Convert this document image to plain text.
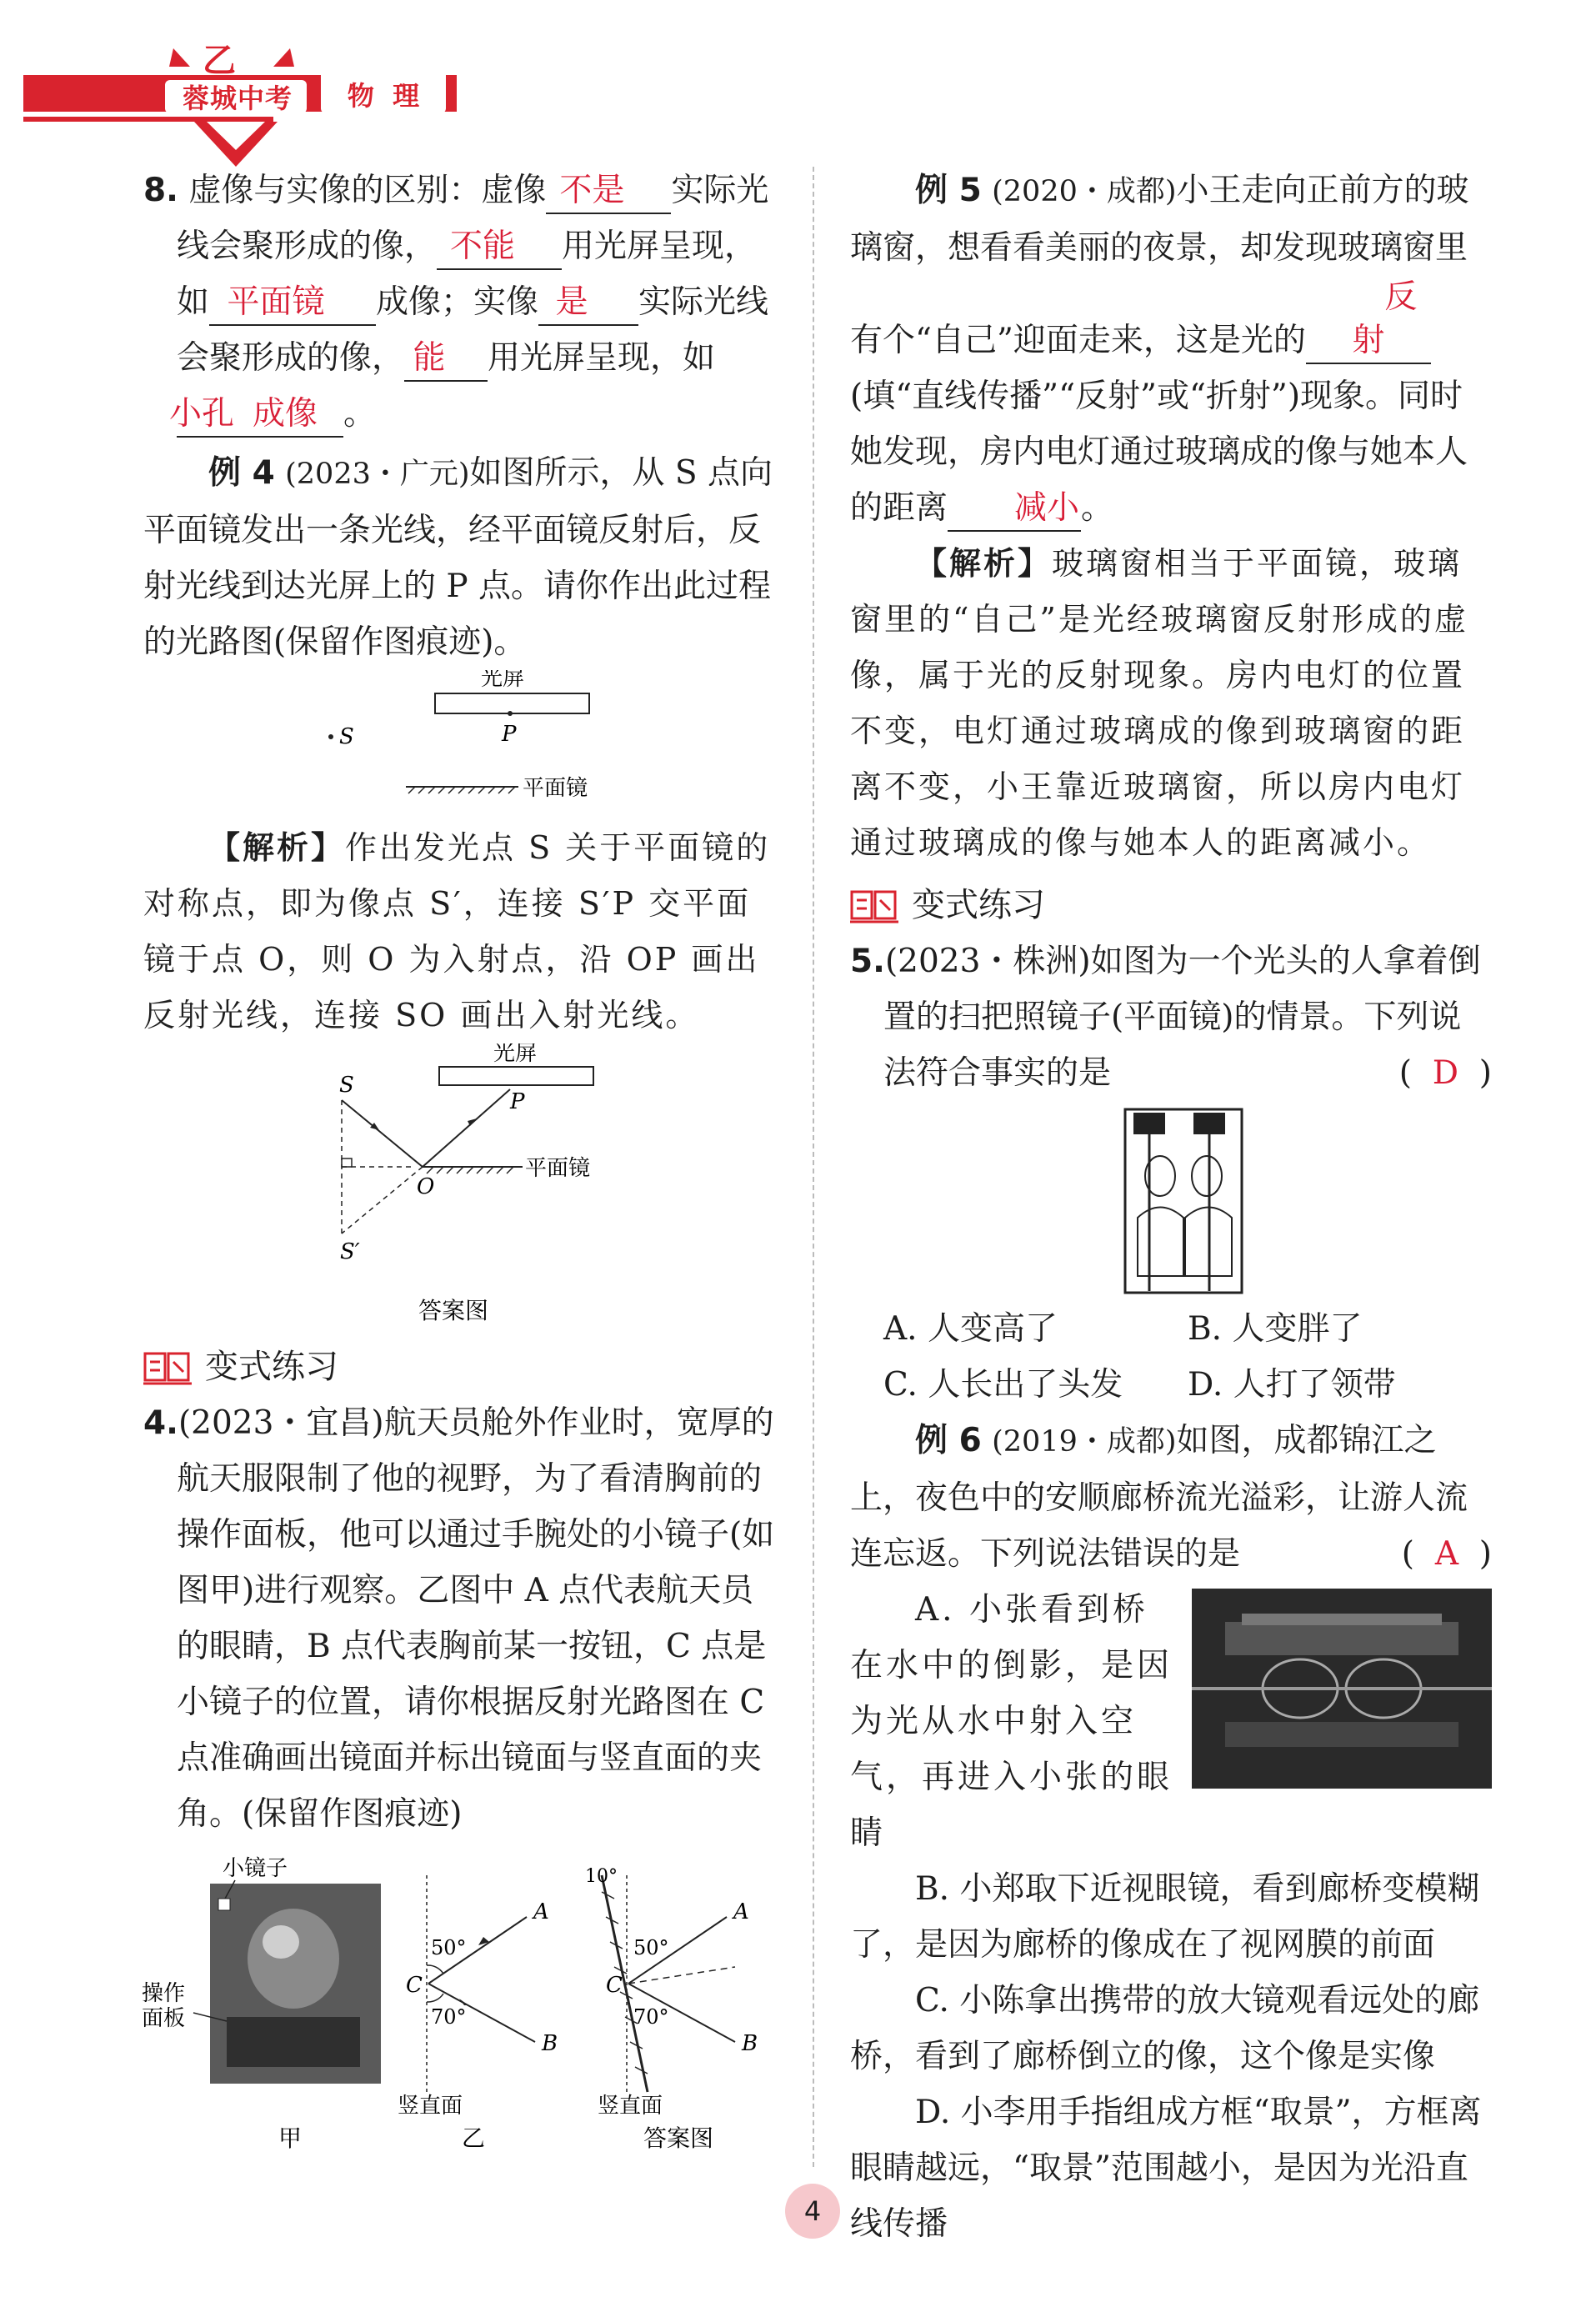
乙
蓉城中考	物  理

8. 虚像与实像的区别：虚像 不是 实际光线会聚形成的像， 不能 用光屏呈现，如 平面镜 成像；实像 是 实际光线会聚形成的像， 能 用光屏呈现，如小孔 成像 。

例 4 (2023・广元)如图所示，从 S 点向平面镜发出一条光线，经平面镜反射后，反射光线到达光屏上的 P 点。请你作出此过程的光路图(保留作图痕迹)。

光屏
P
S
平面镜

【解析】作出发光点 S 关于平面镜的对称点，即为像点 S′，连接 S′P 交平面镜于点 O，则 O 为入射点，沿 OP 画出反射光线，连接 SO 画出入射光线。

光屏
S
P
O
平面镜
S′
答案图
变式练习

4.(2023・宜昌)航天员舱外作业时，宽厚的航天服限制了他的视野，为了看清胸前的操作面板，他可以通过手腕处的小镜子(如图甲)进行观察。乙图中 A 点代表航天员的眼睛，B 点代表胸前某一按钮，C 点是小镜子的位置，请你根据反射光路图在 C 点准确画出镜面并标出镜面与竖直面的夹角。(保留作图痕迹)

小镜子
操作
面板
甲
50°
70°
C
A
B
竖直面
乙
10°
50°
70°
C
A
B
竖直面
答案图

例 5 (2020・成都)小王走向正前方的玻璃窗，想看看美丽的夜景，却发现玻璃窗里有个“自己”迎面走来，这是光的反射(填“直线传播”“反射”或“折射”)现象。同时她发现，房内电灯通过玻璃成的像与她本人的距离 减小。

【解析】玻璃窗相当于平面镜，玻璃窗里的“自己”是光经玻璃窗反射形成的虚像，属于光的反射现象。房内电灯的位置不变，电灯通过玻璃成的像到玻璃窗的距离不变，小王靠近玻璃窗，所以房内电灯通过玻璃成的像与她本人的距离减小。

变式练习

5.(2023・株洲)如图为一个光头的人拿着倒置的扫把照镜子(平面镜)的情景。下列说法符合事实的是	(  D  )

A. 人变高了	B. 人变胖了
C. 人长出了头发	D. 人打了领带

例 6 (2019・成都)如图，成都锦江之上，夜色中的安顺廊桥流光溢彩，让游人流连忘返。下列说法错误的是	(  A  )

A. 小张看到桥在水中的倒影，是因为光从水中射入空气，再进入小张的眼睛

B. 小郑取下近视眼镜，看到廊桥变模糊了，是因为廊桥的像成在了视网膜的前面

C. 小陈拿出携带的放大镜观看远处的廊桥，看到了廊桥倒立的像，这个像是实像

D. 小李用手指组成方框“取景”，方框离眼睛越远，“取景”范围越小，是因为光沿直线传播

4
